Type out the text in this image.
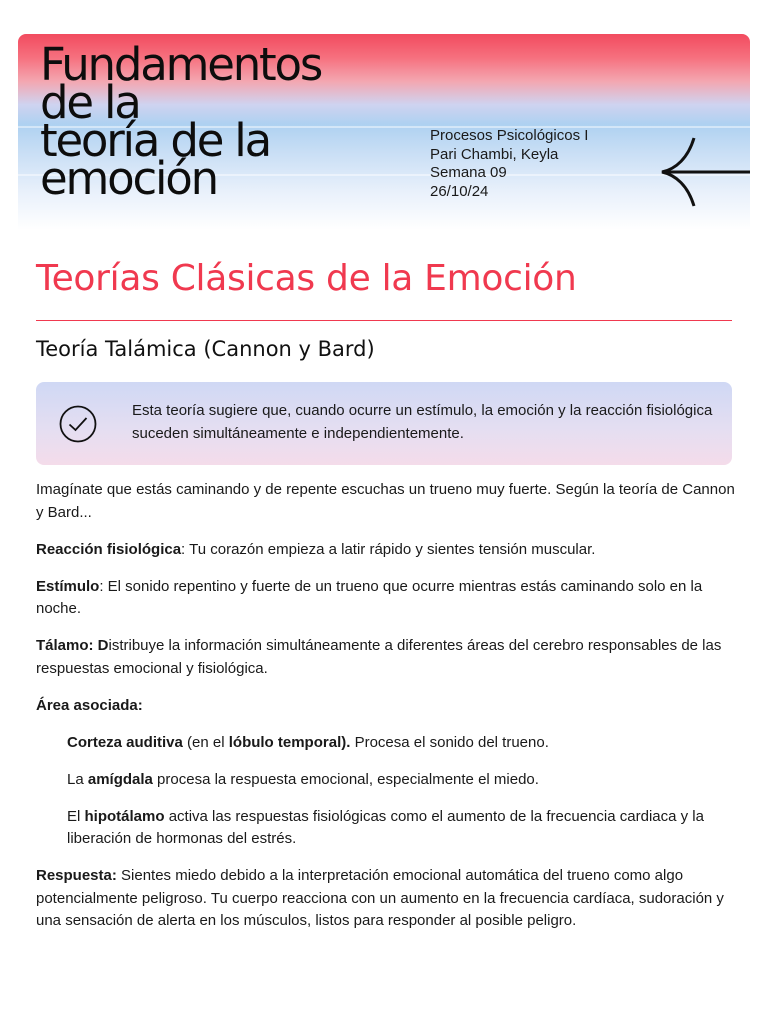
Fundamentos
de la
teoría de la
emoción
Procesos Psicológicos I
Pari Chambi, Keyla
Semana 09
26/10/24
Teorías Clásicas de la Emoción
Teoría Talámica (Cannon y Bard)
Esta teoría sugiere que, cuando ocurre un estímulo, la emoción y la reacción fisiológica suceden simultáneamente e independientemente.

Imagínate que estás caminando y de repente escuchas un trueno muy fuerte. Según la teoría de Cannon y Bard...

Reacción fisiológica: Tu corazón empieza a latir rápido y sientes tensión muscular.

Estímulo: El sonido repentino y fuerte de un trueno que ocurre mientras estás caminando solo en la noche.

Tálamo: Distribuye la información simultáneamente a diferentes áreas del cerebro responsables de las respuestas emocional y fisiológica.

Área asociada:

Corteza auditiva (en el lóbulo temporal). Procesa el sonido del trueno.

La amígdala procesa la respuesta emocional, especialmente el miedo.

El hipotálamo activa las respuestas fisiológicas como el aumento de la frecuencia cardiaca y la liberación de hormonas del estrés.

Respuesta: Sientes miedo debido a la interpretación emocional automática del trueno como algo potencialmente peligroso. Tu cuerpo reacciona con un aumento en la frecuencia cardíaca, sudoración y una sensación de alerta en los músculos, listos para responder al posible peligro.
